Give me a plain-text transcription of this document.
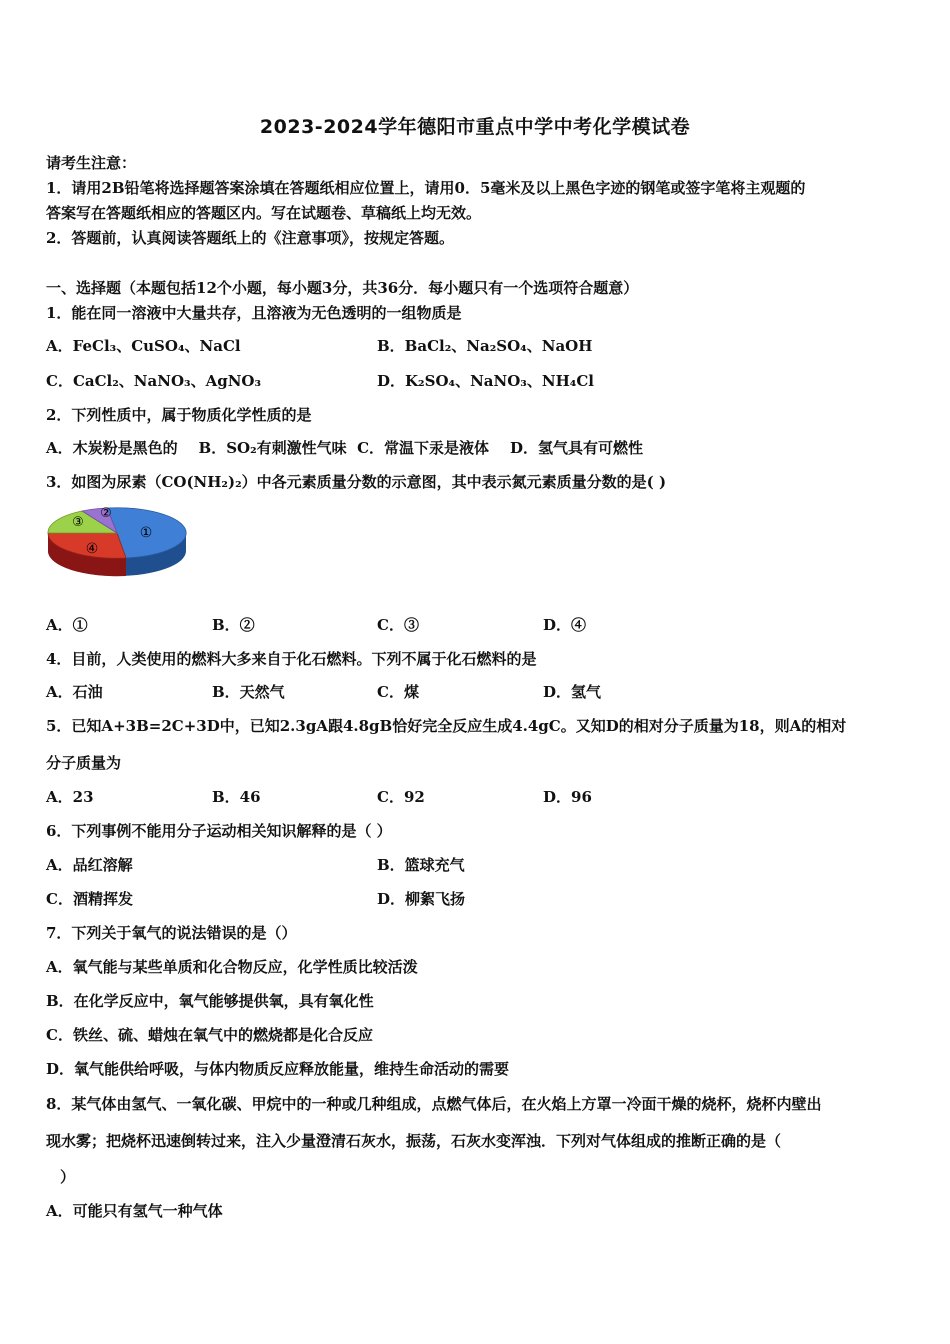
2023-2024学年德阳市重点中学中考化学模试卷
请考生注意：
1．请用2B铅笔将选择题答案涂填在答题纸相应位置上，请用0．5毫米及以上黑色字迹的钢笔或签字笔将主观题的
答案写在答题纸相应的答题区内。写在试题卷、草稿纸上均无效。
2．答题前，认真阅读答题纸上的《注意事项》，按规定答题。
一、选择题（本题包括12个小题，每小题3分，共36分．每小题只有一个选项符合题意）
1．能在同一溶液中大量共存，且溶液为无色透明的一组物质是
A．FeCl₃、CuSO₄、NaCl	B．BaCl₂、Na₂SO₄、NaOH
C．CaCl₂、NaNO₃、AgNO₃	D．K₂SO₄、NaNO₃、NH₄Cl
2．下列性质中，属于物质化学性质的是
A．木炭粉是黑色的    B．SO₂有刺激性气味  C．常温下汞是液体    D．氢气具有可燃性
3．如图为尿素（CO(NH₂)₂）中各元素质量分数的示意图，其中表示氮元素质量分数的是( )
①
②
③
④
A．①	B．②	C．③	D．④
4．目前，人类使用的燃料大多来自于化石燃料。下列不属于化石燃料的是
A．石油	B．天然气	C．煤	D．氢气
5．已知A+3B=2C+3D中，已知2.3gA跟4.8gB恰好完全反应生成4.4gC。又知D的相对分子质量为18，则A的相对
分子质量为
A．23	B．46	C．92	D．96
6．下列事例不能用分子运动相关知识解释的是（ ）
A．品红溶解	B．篮球充气
C．酒精挥发	D．柳絮飞扬
7．下列关于氧气的说法错误的是（）
A．氧气能与某些单质和化合物反应，化学性质比较活泼
B．在化学反应中，氧气能够提供氧，具有氧化性
C．铁丝、硫、蜡烛在氧气中的燃烧都是化合反应
D．氧气能供给呼吸，与体内物质反应释放能量，维持生命活动的需要
8．某气体由氢气、一氧化碳、甲烷中的一种或几种组成，点燃气体后，在火焰上方罩一冷面干燥的烧杯，烧杯内壁出
现水雾；把烧杯迅速倒转过来，注入少量澄清石灰水，振荡，石灰水变浑浊．下列对气体组成的推断正确的是（
）
A．可能只有氢气一种气体
